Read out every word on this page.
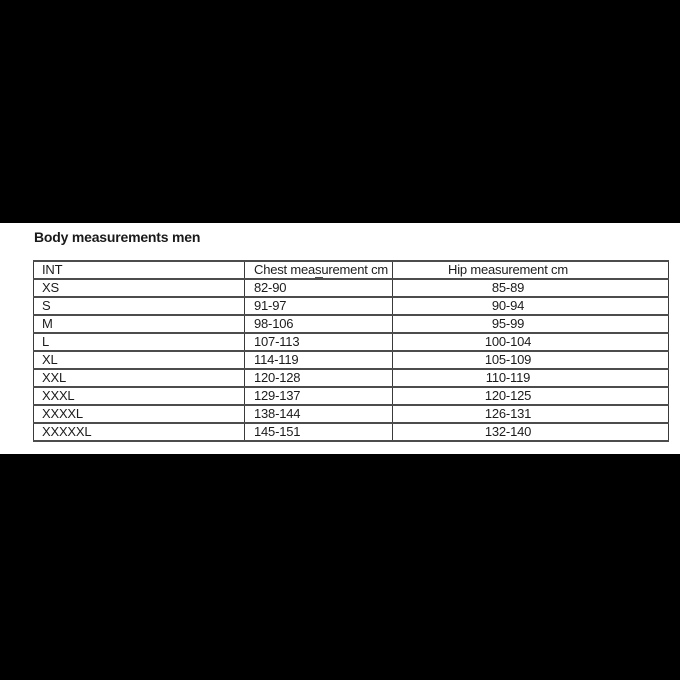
Body measurements men
INT	Chest measurement cm	Hip measurement cm
XS	82-90	85-89
S	91-97	90-94
M	98-106	95-99
L	107-113	100-104
XL	114-119	105-109
XXL	120-128	110-119
XXXL	129-137	120-125
XXXXL	138-144	126-131
XXXXXL	145-151	132-140
